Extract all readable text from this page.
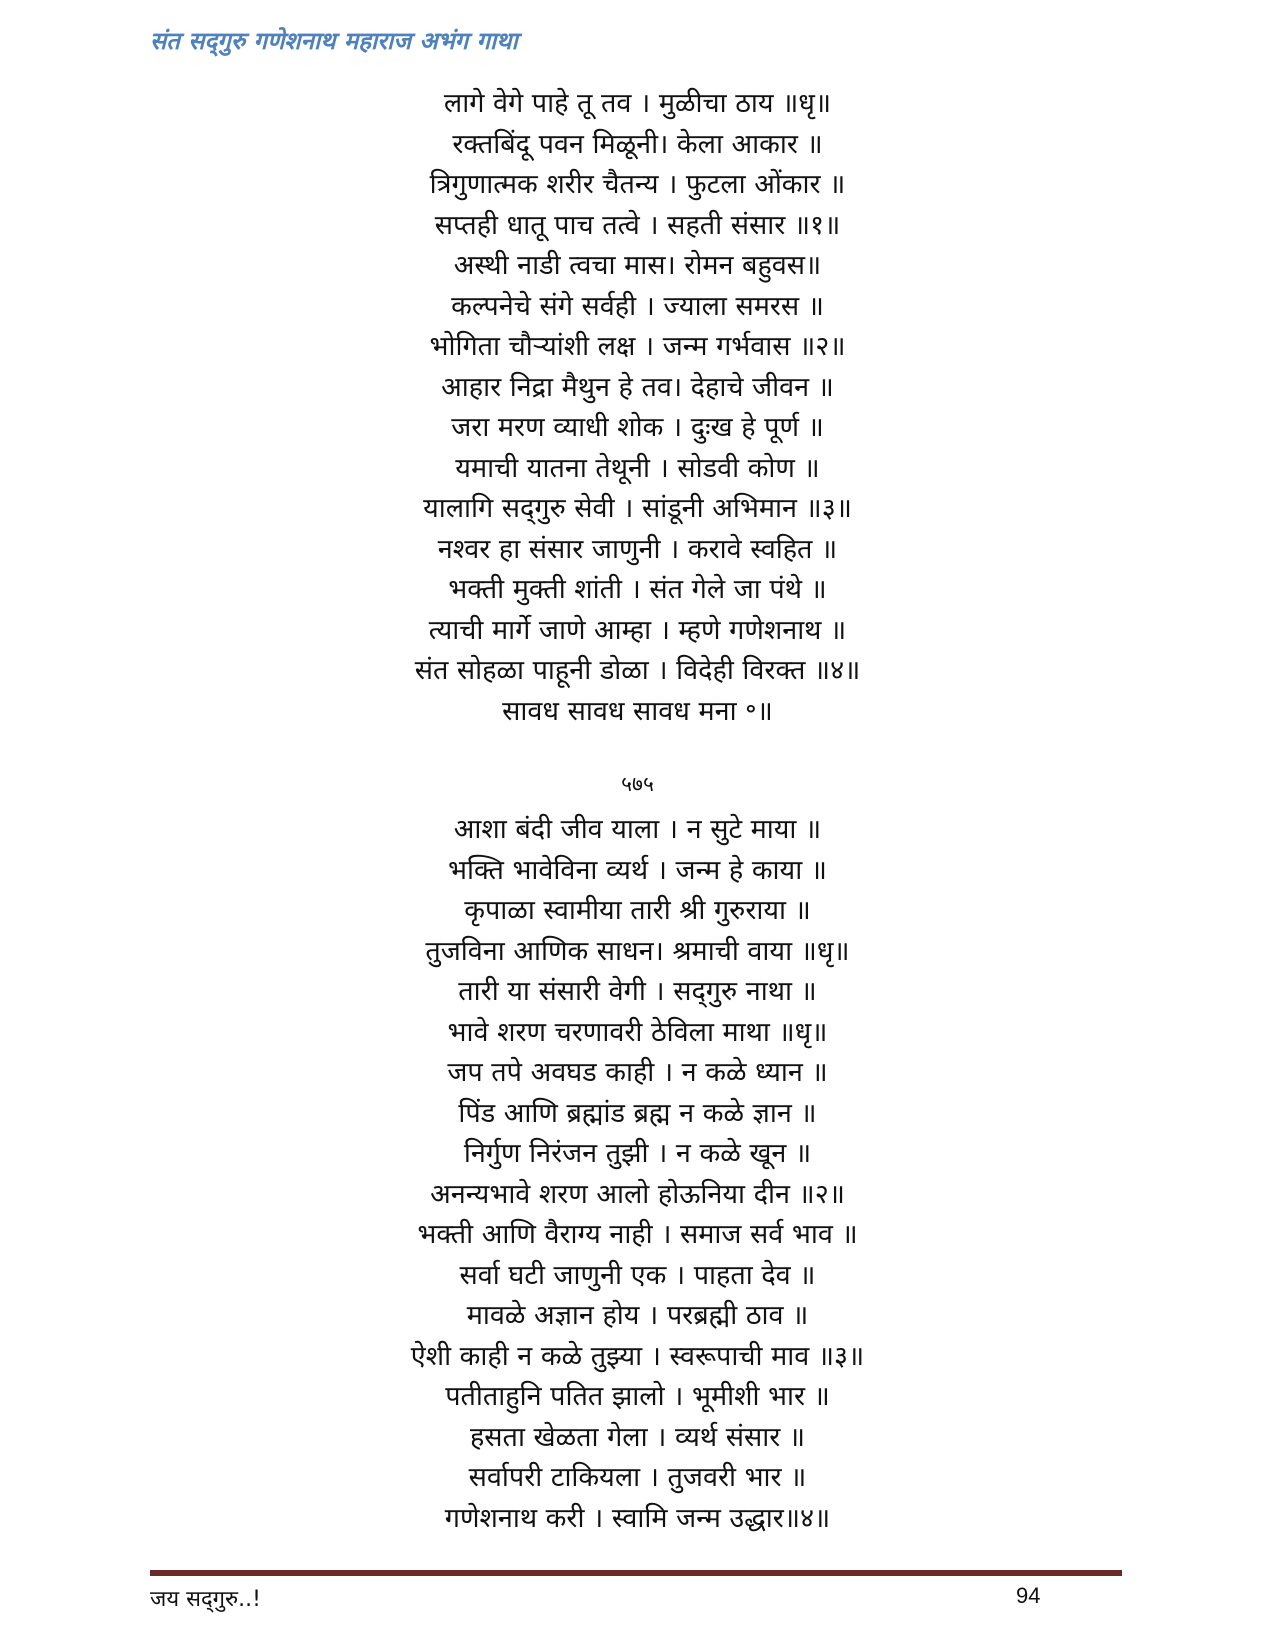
संत सद्‌गुरु गणेशनाथ महाराज अभंग गाथा
लागे वेगे पाहे तू तव । मुळीचा ठाय ॥धृ॥
रक्तबिंदू पवन मिळूनी। केला आकार ॥
त्रिगुणात्मक शरीर चैतन्य । फुटला ओंकार ॥
सप्तही धातू पाच तत्वे । सहती संसार ॥१॥
अस्थी नाडी त्वचा मास। रोमन बहुवस॥
कल्पनेचे संगे सर्वही । ज्याला समरस ॥
भोगिता चौऱ्यांशी लक्ष । जन्म गर्भवास ॥२॥
आहार निद्रा मैथुन हे तव। देहाचे जीवन ॥
जरा मरण व्याधी शोक । दुःख हे पूर्ण ॥
यमाची यातना तेथूनी । सोडवी कोण ॥
यालागि सद्‌गुरु सेवी । सांडूनी अभिमान ॥३॥
नश्वर हा संसार जाणुनी । करावे स्वहित ॥
भक्ती मुक्ती शांती । संत गेले जा पंथे ॥
त्याची मार्गे जाणे आम्हा । म्हणे गणेशनाथ ॥
संत सोहळा पाहूनी डोळा । विदेही विरक्त ॥४॥
सावध सावध सावध मना ॰॥
५७५
आशा बंदी जीव याला । न सुटे माया ॥
भक्ति भावेविना व्यर्थ । जन्म हे काया ॥
कृपाळा स्वामीया तारी श्री गुरुराया ॥
तुजविना आणिक साधन। श्रमाची वाया ॥धृ॥
तारी या संसारी वेगी । सद्‌गुरु नाथा ॥
भावे शरण चरणावरी ठेविला माथा ॥धृ॥
जप तपे अवघड काही । न कळे ध्यान ॥
पिंड आणि ब्रह्मांड ब्रह्म न कळे ज्ञान ॥
निर्गुण निरंजन तुझी । न कळे खून ॥
अनन्यभावे शरण आलो होऊनिया दीन ॥२॥
भक्ती आणि वैराग्य नाही । समाज सर्व भाव ॥
सर्वा घटी जाणुनी एक । पाहता देव ॥
मावळे अज्ञान होय । परब्रह्मी ठाव ॥
ऐशी काही न कळे तुझ्या । स्वरूपाची माव ॥३॥
पतीताहुनि पतित झालो । भूमीशी भार ॥
हसता खेळता गेला । व्यर्थ संसार ॥
सर्वापरी टाकियला । तुजवरी भार ॥
गणेशनाथ करी । स्वामि जन्म उद्धार॥४॥
जय सद्‌गुरु..!	94
